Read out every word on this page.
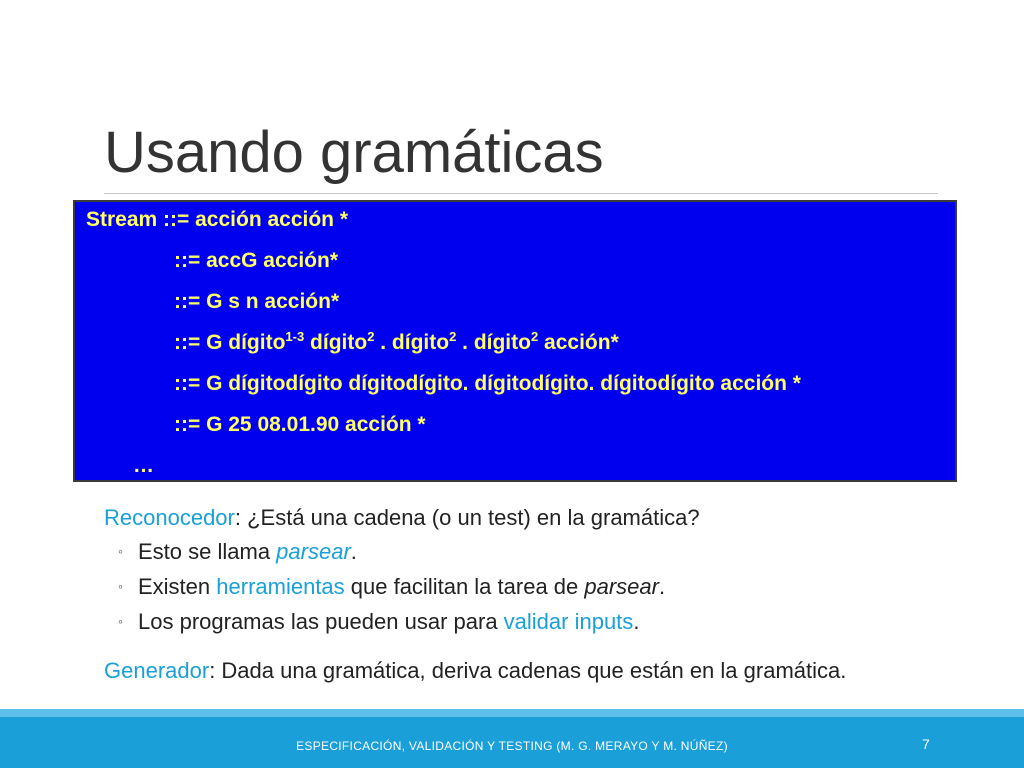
Usando gramáticas

Stream ::= acción acción *

::= accG acción*

::= G s n acción*

::= G dígito$^{1-3}$ dígito$^2$ . dígito$^2$ . dígito$^2$ acción*

::= G dígitodígito dígitodígito. dígitodígito. dígitodígito acción *

::= G 25 08.01.90 acción *

…

Reconocedor: ¿Está una cadena (o un test) en la gramática?

◦ Esto se llama parsear.

◦ Existen herramientas que facilitan la tarea de parsear.

◦ Los programas las pueden usar para validar inputs.

Generador: Dada una gramática, deriva cadenas que están en la gramática.

ESPECIFICACIÓN, VALIDACIÓN Y TESTING (M. G. MERAYO Y M. NÚÑEZ)	7
